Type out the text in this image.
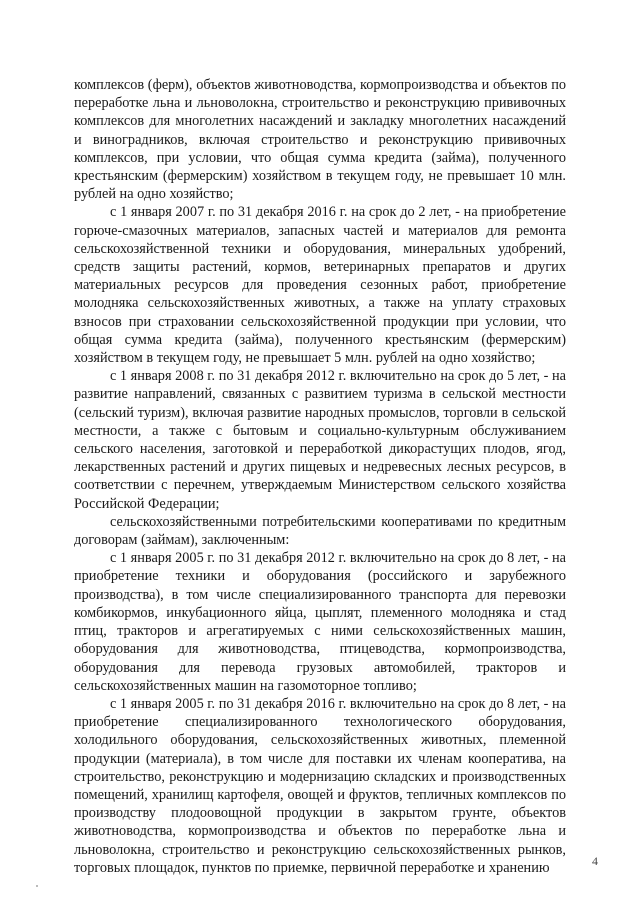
комплексов (ферм), объектов животноводства, кормопроизводства и объектов по переработке льна и льноволокна, строительство и реконструкцию прививочных комплексов для многолетних насаждений и закладку многолетних насаждений и виноградников, включая строительство и реконструкцию прививочных комплексов, при условии, что общая сумма кредита (займа), полученного крестьянским (фермерским) хозяйством в текущем году, не превышает 10 млн. рублей на одно хозяйство;

с 1 января 2007 г. по 31 декабря 2016 г. на срок до 2 лет, - на приобретение горюче-смазочных материалов, запасных частей и материалов для ремонта сельскохозяйственной техники и оборудования, минеральных удобрений, средств защиты растений, кормов, ветеринарных препаратов и других материальных ресурсов для проведения сезонных работ, приобретение молодняка сельскохозяйственных животных, а также на уплату страховых взносов при страховании сельскохозяйственной продукции при условии, что общая сумма кредита (займа), полученного крестьянским (фермерским) хозяйством в текущем году, не превышает 5 млн. рублей на одно хозяйство;

с 1 января 2008 г. по 31 декабря 2012 г. включительно на срок до 5 лет, - на развитие направлений, связанных с развитием туризма в сельской местности (сельский туризм), включая развитие народных промыслов, торговли в сельской местности, а также с бытовым и социально-культурным обслуживанием сельского населения, заготовкой и переработкой дикорастущих плодов, ягод, лекарственных растений и других пищевых и недревесных лесных ресурсов, в соответствии с перечнем, утверждаемым Министерством сельского хозяйства Российской Федерации;

сельскохозяйственными потребительскими кооперативами по кредитным договорам (займам), заключенным:

с 1 января 2005 г. по 31 декабря 2012 г. включительно на срок до 8 лет, - на приобретение техники и оборудования (российского и зарубежного производства), в том числе специализированного транспорта для перевозки комбикормов, инкубационного яйца, цыплят, племенного молодняка и стад птиц, тракторов и агрегатируемых с ними сельскохозяйственных машин, оборудования для животноводства, птицеводства, кормопроизводства, оборудования для перевода грузовых автомобилей, тракторов и сельскохозяйственных машин на газомоторное топливо;

с 1 января 2005 г. по 31 декабря 2016 г. включительно на срок до 8 лет, - на приобретение специализированного технологического оборудования, холодильного оборудования, сельскохозяйственных животных, племенной продукции (материала), в том числе для поставки их членам кооператива, на строительство, реконструкцию и модернизацию складских и производственных помещений, хранилищ картофеля, овощей и фруктов, тепличных комплексов по производству плодоовощной продукции в закрытом грунте, объектов животноводства, кормопроизводства и объектов по переработке льна и льноволокна, строительство и реконструкцию сельскохозяйственных рынков, торговых площадок, пунктов по приемке, первичной переработке и хранению	4
